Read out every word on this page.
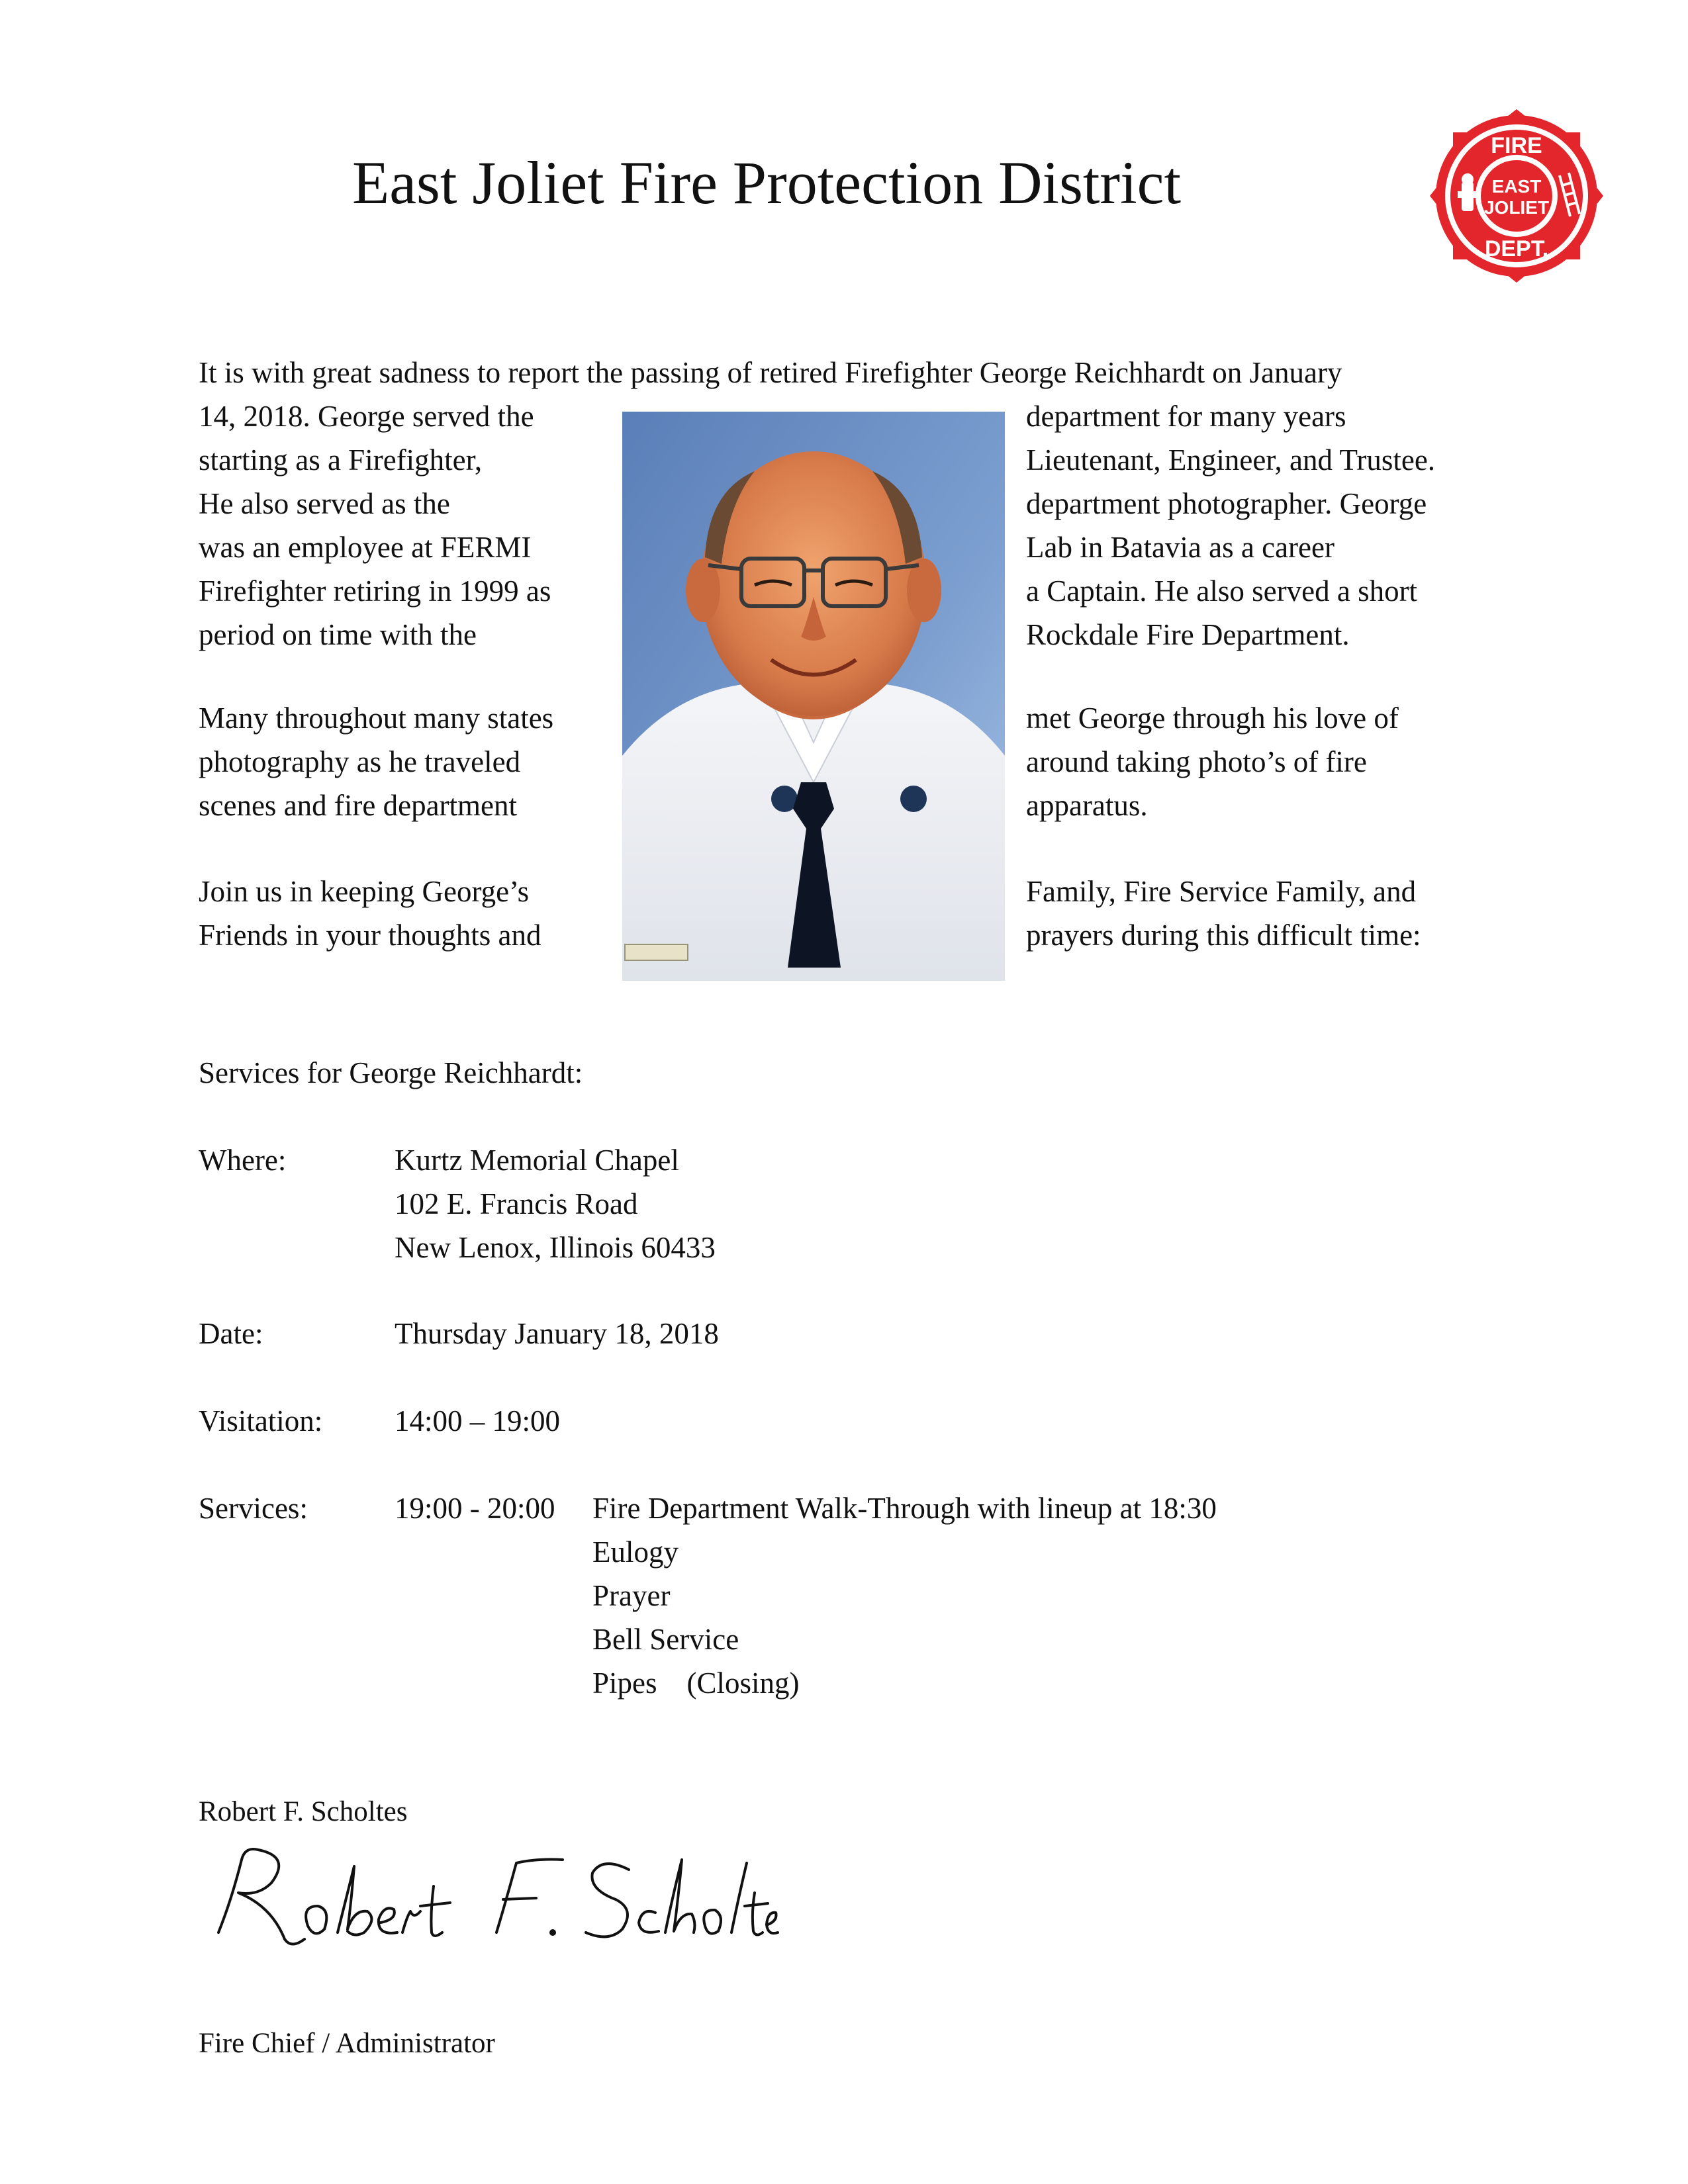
East Joliet Fire Protection District
FIRE
EAST
JOLIET
DEPT.
It is with great sadness to report the passing of retired Firefighter George Reichhardt on January
14, 2018. George served the
starting as a Firefighter,
He also served as the
was an employee at FERMI
Firefighter retiring in 1999 as
period on time with the
department for many years
Lieutenant, Engineer, and Trustee.
department photographer. George
Lab in Batavia as a career
a Captain. He also served a short
Rockdale Fire Department.
Many throughout many states
photography as he traveled
scenes and fire department
met George through his love of
around taking photo’s of fire
apparatus.
Join us in keeping George’s
Friends in your thoughts and
Family, Fire Service Family, and
prayers during this difficult time:
Services for George Reichhardt:
Where:	Kurtz Memorial Chapel
102 E. Francis Road
New Lenox, Illinois 60433
Date:	Thursday January 18, 2018
Visitation: 14:00 – 19:00
Services:	19:00 - 20:00 Fire Department Walk-Through with lineup at 18:30
Eulogy
Prayer
Bell Service
Pipes    (Closing)
Robert F. Scholtes
Fire Chief / Administrator
